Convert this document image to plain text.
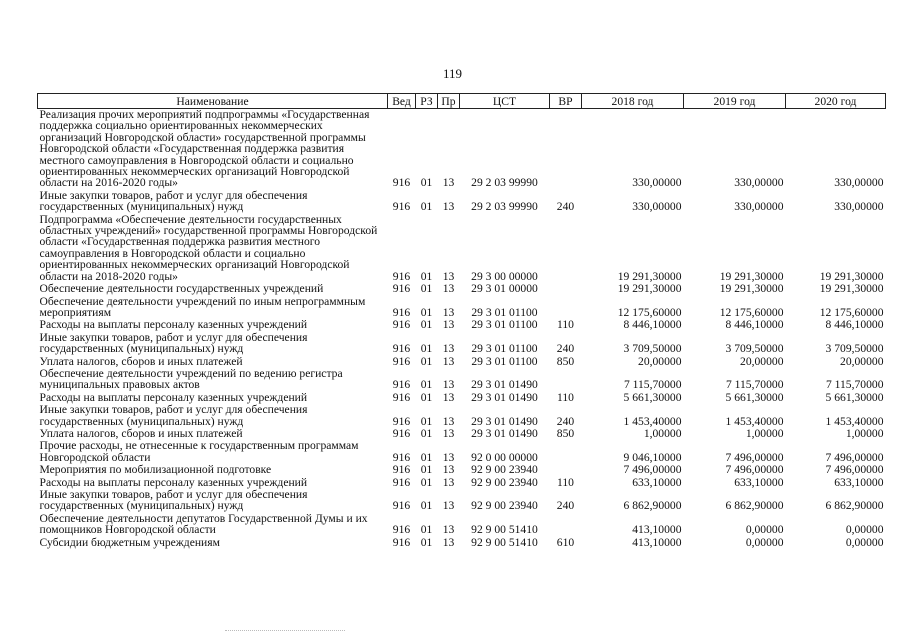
119
Наименование	Вед	РЗ	Пр	ЦСТ	ВР	2018 год	2019 год	2020 год
Реализация прочих мероприятий подпрограммы «Государственная поддержка социально ориентированных некоммерческих организаций Новгородской области» государственной программы Новгородской области «Государственная поддержка развития местного самоуправления в Новгородской области и социально ориентированных некоммерческих организаций Новгородской области на 2016-2020 годы»	916	01	13	29 2 03 99990		330,00000	330,00000	330,00000
Иные закупки товаров, работ и услуг для обеспечения государственных (муниципальных) нужд	916	01	13	29 2 03 99990	240	330,00000	330,00000	330,00000
Подпрограмма «Обеспечение деятельности государственных областных учреждений» государственной программы Новгородской области «Государственная поддержка развития местного самоуправления в Новгородской области и социально ориентированных некоммерческих организаций Новгородской области на 2018-2020 годы»	916	01	13	29 3 00 00000		19 291,30000	19 291,30000	19 291,30000
Обеспечение деятельности государственных учреждений	916	01	13	29 3 01 00000		19 291,30000	19 291,30000	19 291,30000
Обеспечение деятельности учреждений по иным непрограммным мероприятиям	916	01	13	29 3 01 01100		12 175,60000	12 175,60000	12 175,60000
Расходы на выплаты персоналу казенных учреждений	916	01	13	29 3 01 01100	110	8 446,10000	8 446,10000	8 446,10000
Иные закупки товаров, работ и услуг для обеспечения государственных (муниципальных) нужд	916	01	13	29 3 01 01100	240	3 709,50000	3 709,50000	3 709,50000
Уплата налогов, сборов и иных платежей	916	01	13	29 3 01 01100	850	20,00000	20,00000	20,00000
Обеспечение деятельности учреждений по ведению регистра муниципальных правовых актов	916	01	13	29 3 01 01490		7 115,70000	7 115,70000	7 115,70000
Расходы на выплаты персоналу казенных учреждений	916	01	13	29 3 01 01490	110	5 661,30000	5 661,30000	5 661,30000
Иные закупки товаров, работ и услуг для обеспечения государственных (муниципальных) нужд	916	01	13	29 3 01 01490	240	1 453,40000	1 453,40000	1 453,40000
Уплата налогов, сборов и иных платежей	916	01	13	29 3 01 01490	850	1,00000	1,00000	1,00000
Прочие расходы, не отнесенные к государственным программам Новгородской области	916	01	13	92 0 00 00000		9 046,10000	7 496,00000	7 496,00000
Мероприятия по мобилизационной подготовке	916	01	13	92 9 00 23940		7 496,00000	7 496,00000	7 496,00000
Расходы на выплаты персоналу казенных учреждений	916	01	13	92 9 00 23940	110	633,10000	633,10000	633,10000
Иные закупки товаров, работ и услуг для обеспечения государственных (муниципальных) нужд	916	01	13	92 9 00 23940	240	6 862,90000	6 862,90000	6 862,90000
Обеспечение деятельности депутатов Государственной Думы и их помощников Новгородской области	916	01	13	92 9 00 51410		413,10000	0,00000	0,00000
Субсидии бюджетным учреждениям	916	01	13	92 9 00 51410	610	413,10000	0,00000	0,00000
